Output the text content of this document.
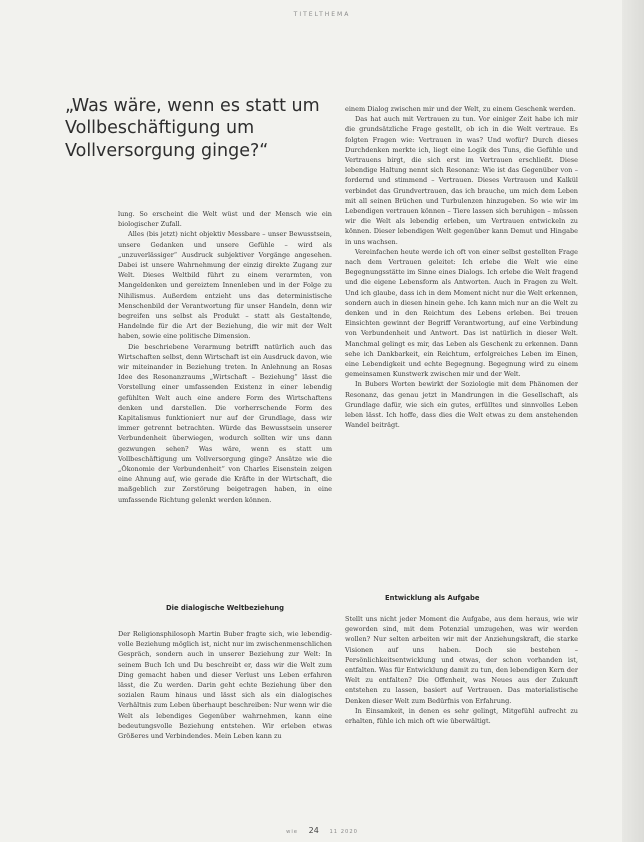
TITELTHEMA
„Was wäre, wenn es statt um Vollbeschäftigung um Vollversorgung ginge?“

lung. So erscheint die Welt wüst und der Mensch wie ein biologischer Zufall.

Alles (bis jetzt) nicht objektiv Messbare – unser Bewusstsein, unsere Gedanken und unsere Gefühle – wird als „unzuverlässiger“ Ausdruck subjektiver Vorgänge angesehen. Dabei ist unsere Wahrnehmung der einzig direkte Zugang zur Welt. Dieses Weltbild führt zu einem verarmten, von Mangeldenken und gereiztem Innenleben und in der Folge zu Nihilismus. Außerdem entzieht uns das deterministische Menschenbild der Verantwortung für unser Handeln, denn wir begreifen uns selbst als Produkt – statt als Gestaltende, Handelnde für die Art der Beziehung, die wir mit der Welt haben, sowie eine politische Dimension.

Die beschriebene Verarmung betrifft natürlich auch das Wirtschaften selbst, denn Wirtschaft ist ein Ausdruck davon, wie wir miteinander in Beziehung treten. In Anlehnung an Rosas Idee des Resonanzraums „Wirtschaft – Beziehung“ lässt die Vorstellung einer umfassenden Existenz in einer lebendig gefühlten Welt auch eine andere Form des Wirtschaftens denken und darstellen. Die vorherrschende Form des Kapitalismus funktioniert nur auf der Grundlage, dass wir immer getrennt betrachten. Würde das Bewusstsein unserer Verbundenheit überwiegen, wodurch sollten wir uns dann gezwungen sehen? Was wäre, wenn es statt um Vollbeschäftigung um Vollversorgung ginge? Ansätze wie die „Ökonomie der Verbundenheit“ von Charles Eisenstein zeigen eine Ahnung auf, wie gerade die Kräfte in der Wirtschaft, die maßgeblich zur Zerstörung beigetragen haben, in eine umfassende Richtung gelenkt werden können.

Die dialogische Weltbeziehung

Der Religionsphilosoph Martin Buber fragte sich, wie lebendig-volle Beziehung möglich ist, nicht nur im zwischenmenschlichen Gespräch, sondern auch in unserer Beziehung zur Welt: In seinem Buch Ich und Du beschreibt er, dass wir die Welt zum Ding gemacht haben und dieser Verlust uns Leben erfahren lässt, die Zu werden. Darin geht echte Beziehung über den sozialen Raum hinaus und lässt sich als ein dialogisches Verhältnis zum Leben überhaupt beschreiben: Nur wenn wir die Welt als lebendiges Gegenüber wahrnehmen, kann eine bedeutungsvolle Beziehung entstehen. Wir erleben etwas Größeres und Verbindendes. Mein Leben kann zu

einem Dialog zwischen mir und der Welt, zu einem Geschenk werden.

Das hat auch mit Vertrauen zu tun. Vor einiger Zeit habe ich mir die grundsätzliche Frage gestellt, ob ich in die Welt vertraue. Es folgten Fragen wie: Vertrauen in was? Und wofür? Durch dieses Durchdenken merkte ich, liegt eine Logik des Tuns, die Gefühle und Vertrauens birgt, die sich erst im Vertrauen erschließt. Diese lebendige Haltung nennt sich Resonanz: Wie ist das Gegenüber von – fordernd und stimmend – Vertrauen. Dieses Vertrauen und Kalkül verbindet das Grundvertrauen, das ich brauche, um mich dem Leben mit all seinen Brüchen und Turbulenzen hinzugeben. So wie wir im Lebendigen vertrauen können – Tiere lassen sich beruhigen – müssen wir die Welt als lebendig erleben, um Vertrauen entwickeln zu können. Dieser lebendigen Welt gegenüber kann Demut und Hingabe in uns wachsen.

Vereinfachen heute werde ich oft von einer selbst gestellten Frage nach dem Vertrauen geleitet: Ich erlebe die Welt wie eine Begegnungsstätte im Sinne eines Dialogs. Ich erlebe die Welt fragend und die eigene Lebensform als Antworten. Auch in Fragen zu Welt. Und ich glaube, dass ich in dem Moment nicht nur die Welt erkennen, sondern auch in diesen hinein gehe. Ich kann mich nur an die Welt zu denken und in den Reichtum des Lebens erleben. Bei treuen Einsichten gewinnt der Begriff Verantwortung, auf eine Verbindung von Verbundenheit und Antwort. Das ist natürlich in dieser Welt. Manchmal gelingt es mir, das Leben als Geschenk zu erkennen. Dann sehe ich Dankbarkeit, ein Reichtum, erfolgreiches Leben im Einen, eine Lebendigkeit und echte Begegnung. Begegnung wird zu einem gemeinsamen Kunstwerk zwischen mir und der Welt.

In Bubers Worten bewirkt der Soziologie mit dem Phänomen der Resonanz, das genau jetzt in Mandrungen in die Gesellschaft, als Grundlage dafür, wie sich ein gutes, erfülltes und sinnvolles Leben leben lässt. Ich hoffe, dass dies die Welt etwas zu dem anstehenden Wandel beiträgt.

Entwicklung als Aufgabe

Stellt uns nicht jeder Moment die Aufgabe, aus dem heraus, wie wir geworden sind, mit dem Potenzial umzugehen, was wir werden wollen? Nur selten arbeiten wir mit der Anziehungskraft, die starke Visionen auf uns haben. Doch sie bestehen – Persönlichkeitsentwicklung und etwas, der schon vorhanden ist, entfalten. Was für Entwicklung damit zu tun, den lebendigen Kern der Welt zu entfalten? Die Offenheit, was Neues aus der Zukunft entstehen zu lassen, basiert auf Vertrauen. Das materialistische Denken dieser Welt zum Bedürfnis von Erfahrung.

In Einsamkeit, in denen es sehr gelingt, Mitgefühl aufrecht zu erhalten, fühle ich mich oft wie überwältigt.

wie 24 11 2020
